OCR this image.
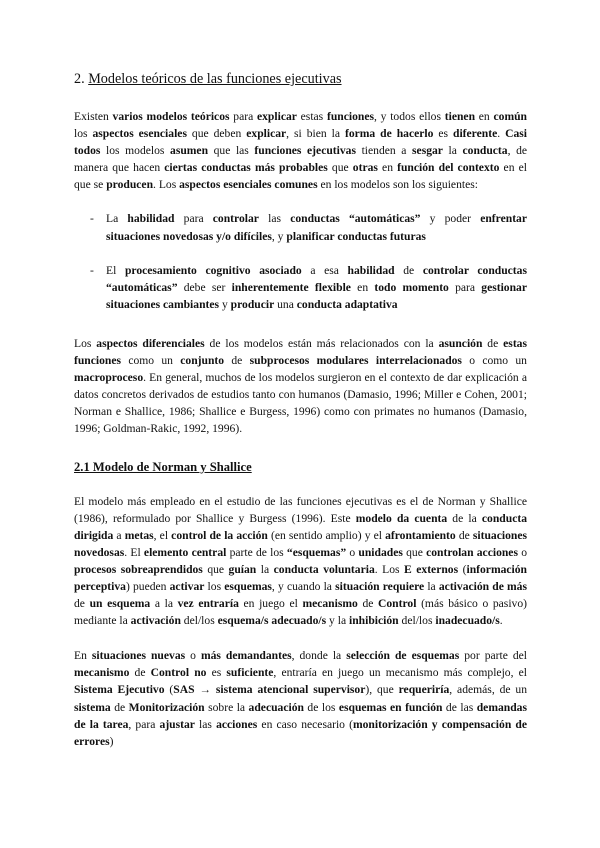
2. Modelos teóricos de las funciones ejecutivas

Existen varios modelos teóricos para explicar estas funciones, y todos ellos tienen en común los aspectos esenciales que deben explicar, si bien la forma de hacerlo es diferente. Casi todos los modelos asumen que las funciones ejecutivas tienden a sesgar la conducta, de manera que hacen ciertas conductas más probables que otras en función del contexto en el que se producen. Los aspectos esenciales comunes en los modelos son los siguientes:

-	La habilidad para controlar las conductas “automáticas” y poder enfrentar situaciones novedosas y/o difíciles, y planificar conductas futuras
-	El procesamiento cognitivo asociado a esa habilidad de controlar conductas “automáticas” debe ser inherentemente flexible en todo momento para gestionar situaciones cambiantes y producir una conducta adaptativa

Los aspectos diferenciales de los modelos están más relacionados con la asunción de estas funciones como un conjunto de subprocesos modulares interrelacionados o como un macroproceso. En general, muchos de los modelos surgieron en el contexto de dar explicación a datos concretos derivados de estudios tanto con humanos (Damasio, 1996; Miller e Cohen, 2001; Norman e Shallice, 1986; Shallice e Burgess, 1996) como con primates no humanos (Damasio, 1996; Goldman-Rakic, 1992, 1996).

2.1 Modelo de Norman y Shallice

El modelo más empleado en el estudio de las funciones ejecutivas es el de Norman y Shallice (1986), reformulado por Shallice y Burgess (1996). Este modelo da cuenta de la conducta dirigida a metas, el control de la acción (en sentido amplio) y el afrontamiento de situaciones novedosas. El elemento central parte de los “esquemas” o unidades que controlan acciones o procesos sobreaprendidos que guían la conducta voluntaria. Los E externos (información perceptiva) pueden activar los esquemas, y cuando la situación requiere la activación de más de un esquema a la vez entraría en juego el mecanismo de Control (más básico o pasivo) mediante la activación del/los esquema/s adecuado/s y la inhibición del/los inadecuado/s.

En situaciones nuevas o más demandantes, donde la selección de esquemas por parte del mecanismo de Control no es suficiente, entraría en juego un mecanismo más complejo, el Sistema Ejecutivo (SAS → sistema atencional supervisor), que requeriría, además, de un sistema de Monitorización sobre la adecuación de los esquemas en función de las demandas de la tarea, para ajustar las acciones en caso necesario (monitorización y compensación de errores)
